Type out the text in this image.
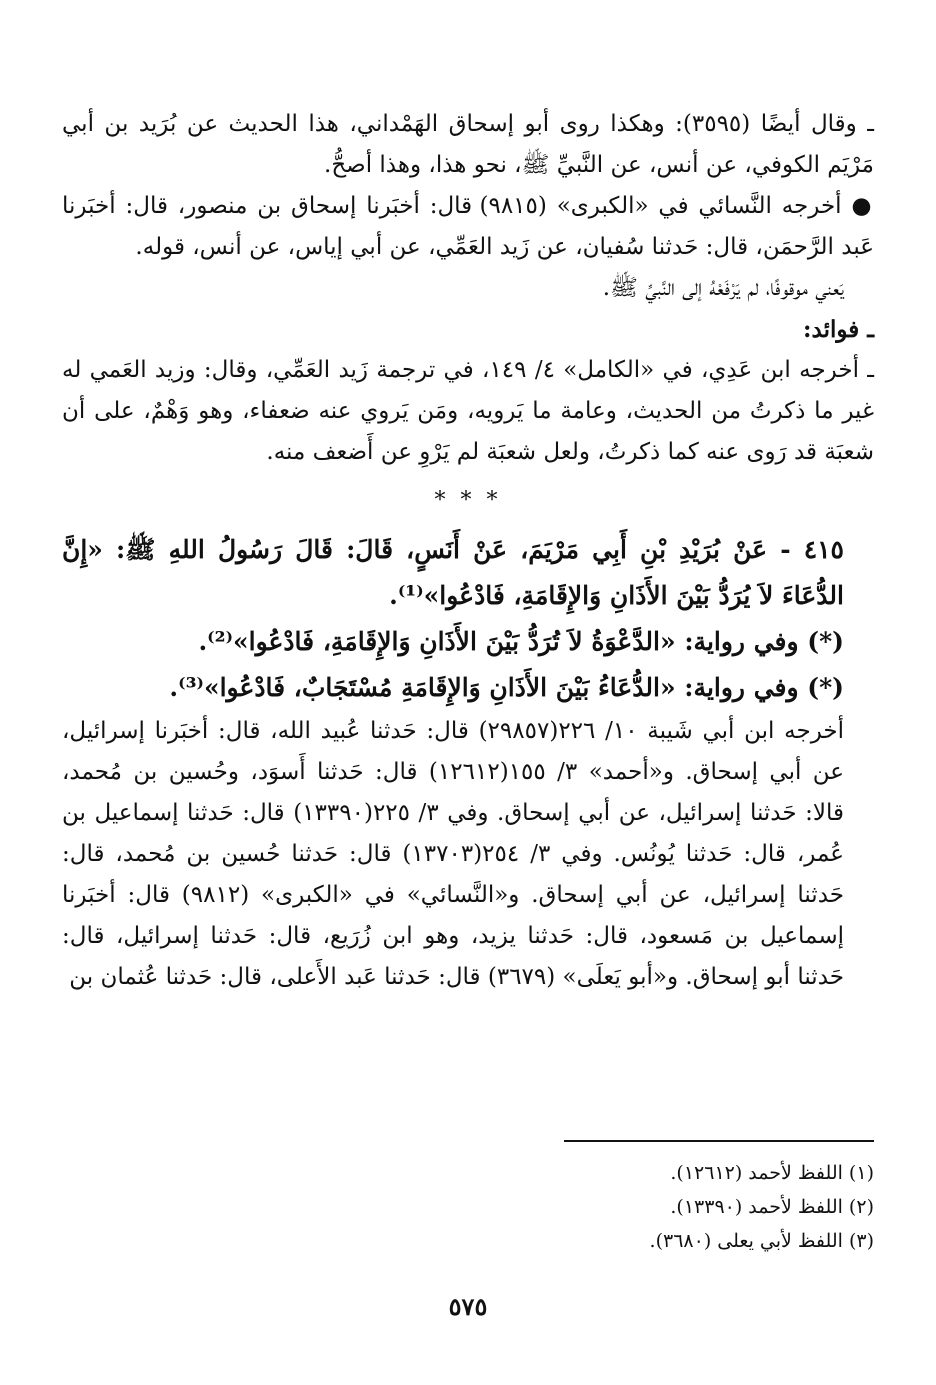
ـ وقال أيضًا (٣٥٩٥): وهكذا روى أبو إسحاق الهَمْداني، هذا الحديث عن بُرَيد بن أبي مَرْيَم الكوفي، عن أنس، عن النَّبيِّ ﷺ، نحو هذا، وهذا أصحُّ.

● أخرجه النَّسائي في «الكبرى» (٩٨١٥) قال: أخبَرنا إسحاق بن منصور، قال: أخبَرنا عَبد الرَّحمَن، قال: حَدثنا سُفيان، عن زَيد العَمِّي، عن أبي إياس، عن أنس، قوله.

يَعني موقوفًا، لم يَرْفَعْهُ إلى النَّبيِّ ﷺ.

ـ فوائد:

ـ أخرجه ابن عَدِي، في «الكامل» ٤/ ١٤٩، في ترجمة زَيد العَمِّي، وقال: وزيد العَمي له غير ما ذكرتُ من الحديث، وعامة ما يَرويه، ومَن يَروي عنه ضعفاء، وهو وَهْمٌ، على أن شعبَة قد رَوى عنه كما ذكرتُ، ولعل شعبَة لم يَرْوِ عن أَضعف منه.

* * *

٤١٥ - عَنْ بُرَيْدِ بْنِ أَبِي مَرْيَمَ، عَنْ أَنَسٍ، قَالَ: قَالَ رَسُولُ اللهِ ﷺ: «إِنَّ الدُّعَاءَ لاَ يُرَدُّ بَيْنَ الأَذَانِ وَالإِقَامَةِ، فَادْعُوا»⁽¹⁾.

(*) وفي رواية: «الدَّعْوَةُ لاَ تُرَدُّ بَيْنَ الأَذَانِ وَالإِقَامَةِ، فَادْعُوا»⁽²⁾.

(*) وفي رواية: «الدُّعَاءُ بَيْنَ الأَذَانِ وَالإِقَامَةِ مُسْتَجَابٌ، فَادْعُوا»⁽³⁾.

أخرجه ابن أبي شَيبة ١٠/ ٢٢٦(٢٩٨٥٧) قال: حَدثنا عُبيد الله، قال: أخبَرنا إسرائيل، عن أبي إسحاق. و«أحمد» ٣/ ١٥٥(١٢٦١٢) قال: حَدثنا أَسوَد، وحُسين بن مُحمد، قالا: حَدثنا إسرائيل، عن أبي إسحاق. وفي ٣/ ٢٢٥(١٣٣٩٠) قال: حَدثنا إسماعيل بن عُمر، قال: حَدثنا يُونُس. وفي ٣/ ٢٥٤(١٣٧٠٣) قال: حَدثنا حُسين بن مُحمد، قال: حَدثنا إسرائيل، عن أبي إسحاق. و«النَّسائي» في «الكبرى» (٩٨١٢) قال: أخبَرنا إسماعيل بن مَسعود، قال: حَدثنا يزيد، وهو ابن زُرَيع، قال: حَدثنا إسرائيل، قال: حَدثنا أبو إسحاق. و«أبو يَعلَى» (٣٦٧٩) قال: حَدثنا عَبد الأَعلى، قال: حَدثنا عُثمان بن

(١) اللفظ لأحمد (١٢٦١٢).

(٢) اللفظ لأحمد (١٣٣٩٠).

(٣) اللفظ لأبي يعلى (٣٦٨٠).

٥٧٥
